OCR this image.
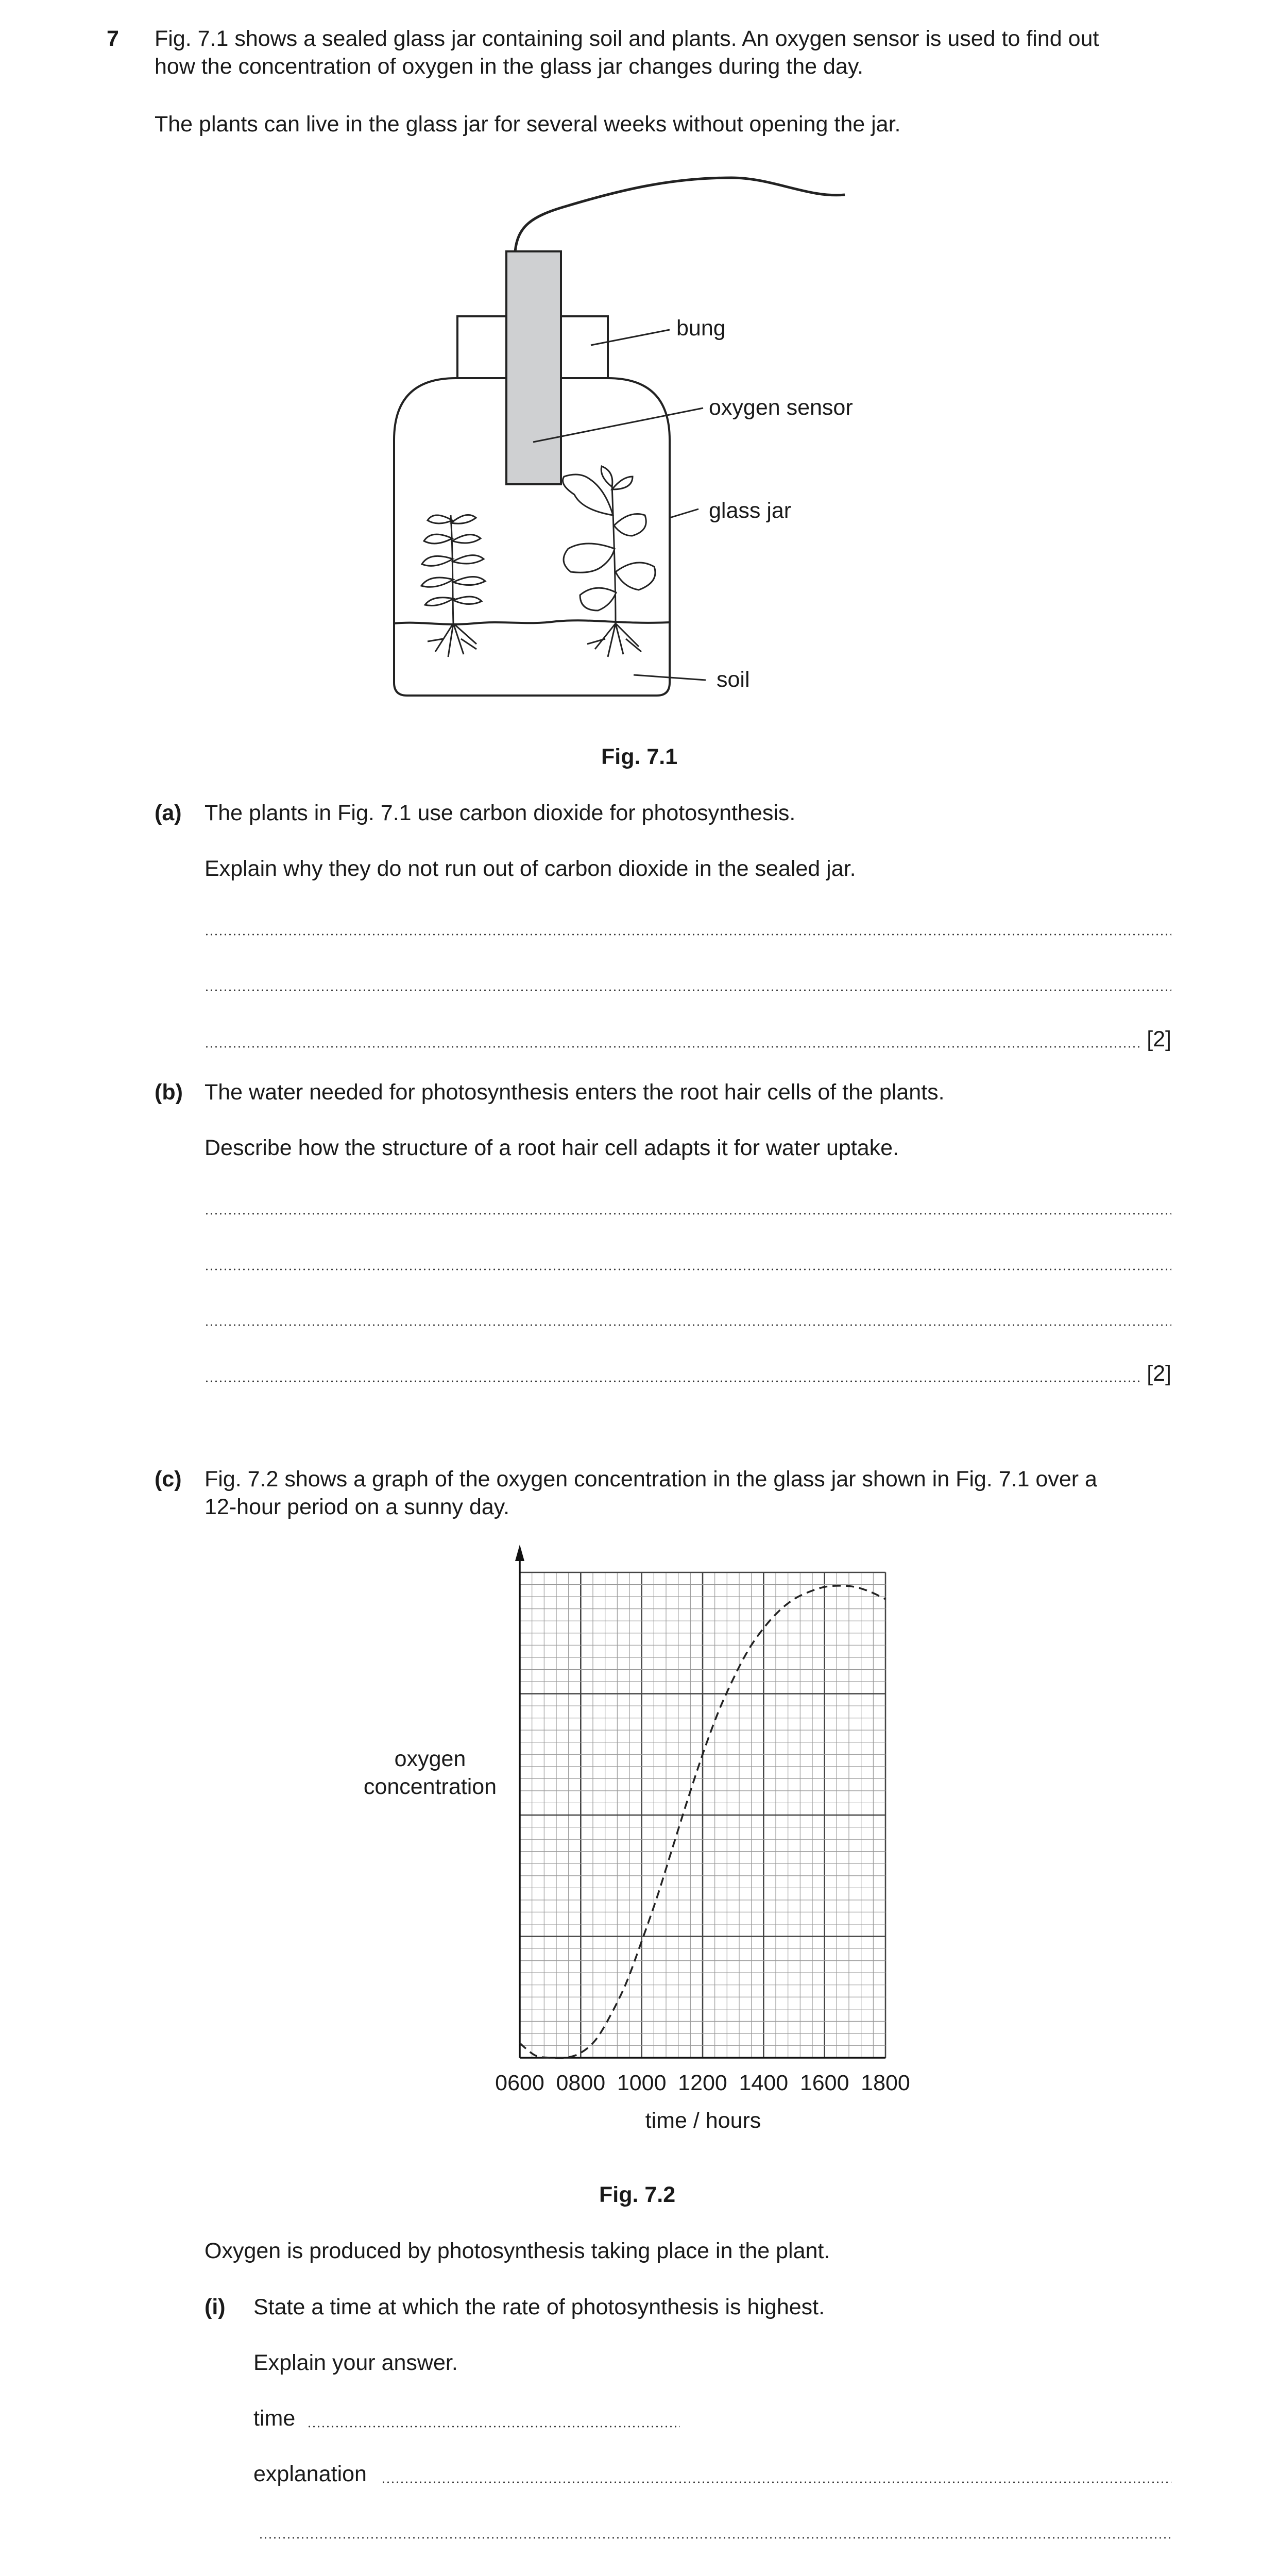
7 Fig. 7.1 shows a sealed glass jar containing soil and plants. An oxygen sensor is used to find out
how the concentration of oxygen in the glass jar changes during the day.
The plants can live in the glass jar for several weeks without opening the jar.
bung
oxygen sensor
glass jar
soil
Fig. 7.1
(a) The plants in Fig. 7.1 use carbon dioxide for photosynthesis.
Explain why they do not run out of carbon dioxide in the sealed jar.
[2]
(b) The water needed for photosynthesis enters the root hair cells of the plants.
Describe how the structure of a root hair cell adapts it for water uptake.
[2]
(c) Fig. 7.2 shows a graph of the oxygen concentration in the glass jar shown in Fig. 7.1 over a
12-hour period on a sunny day.
0600 0800 1000 1200 1400 1600 1800
oxygen
concentration
time / hours
Fig. 7.2
Oxygen is produced by photosynthesis taking place in the plant.
(i) State a time at which the rate of photosynthesis is highest.
Explain your answer.
time
explanation
